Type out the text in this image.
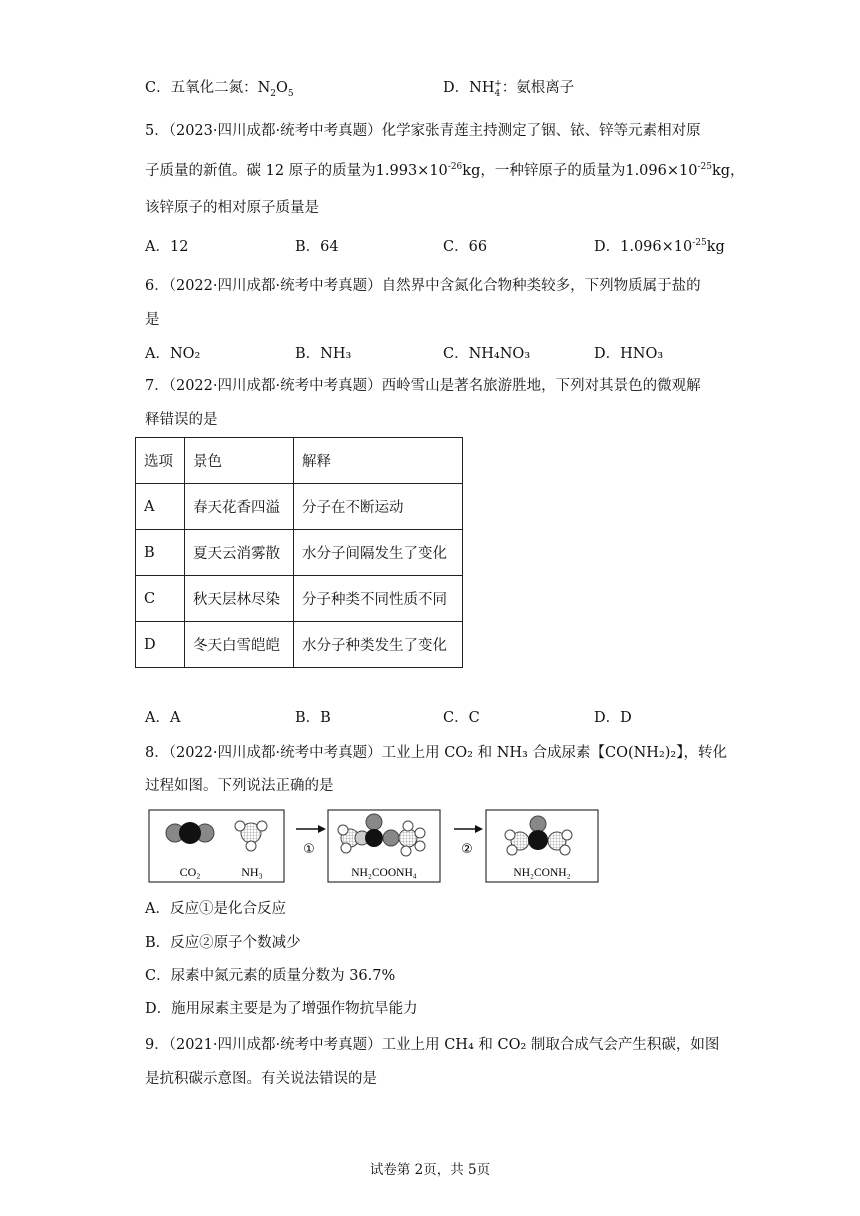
C．五氧化二氮：$N_2O_5$	D．$NH_4^+$：氨根离子
5．（2023·四川成都·统考中考真题）化学家张青莲主持测定了铟、铱、锌等元素相对原
子质量的新值。碳 12 原子的质量为$1.993\times 10^{-26}kg$，一种锌原子的质量为$1.096\times 10^{-25}kg$，
该锌原子的相对原子质量是
A．12	B．64	C．66	D．$1.096\times 10^{-25}kg$
6．（2022·四川成都·统考中考真题）自然界中含氮化合物种类较多，下列物质属于盐的
是
A．NO₂	B．NH₃	C．NH₄NO₃	D．HNO₃
7．（2022·四川成都·统考中考真题）西岭雪山是著名旅游胜地，下列对其景色的微观解
释错误的是
选项	景色	解释
A	春天花香四溢	分子在不断运动
B	夏天云消雾散	水分子间隔发生了变化
C	秋天层林尽染	分子种类不同性质不同
D	冬天白雪皑皑	水分子种类发生了变化
A．A	B．B	C．C	D．D
8．（2022·四川成都·统考中考真题）工业上用 CO₂ 和 NH₃ 合成尿素【CO(NH₂)₂】，转化
过程如图。下列说法正确的是
CO₂	NH₃
①
NH₂COONH₄
②
NH₂CONH₂
A．反应①是化合反应
B．反应②原子个数减少
C．尿素中氮元素的质量分数为 36.7%
D．施用尿素主要是为了增强作物抗旱能力
9．（2021·四川成都·统考中考真题）工业上用 CH₄ 和 CO₂ 制取合成气会产生积碳，如图
是抗积碳示意图。有关说法错误的是
试卷第 2页，共 5页
